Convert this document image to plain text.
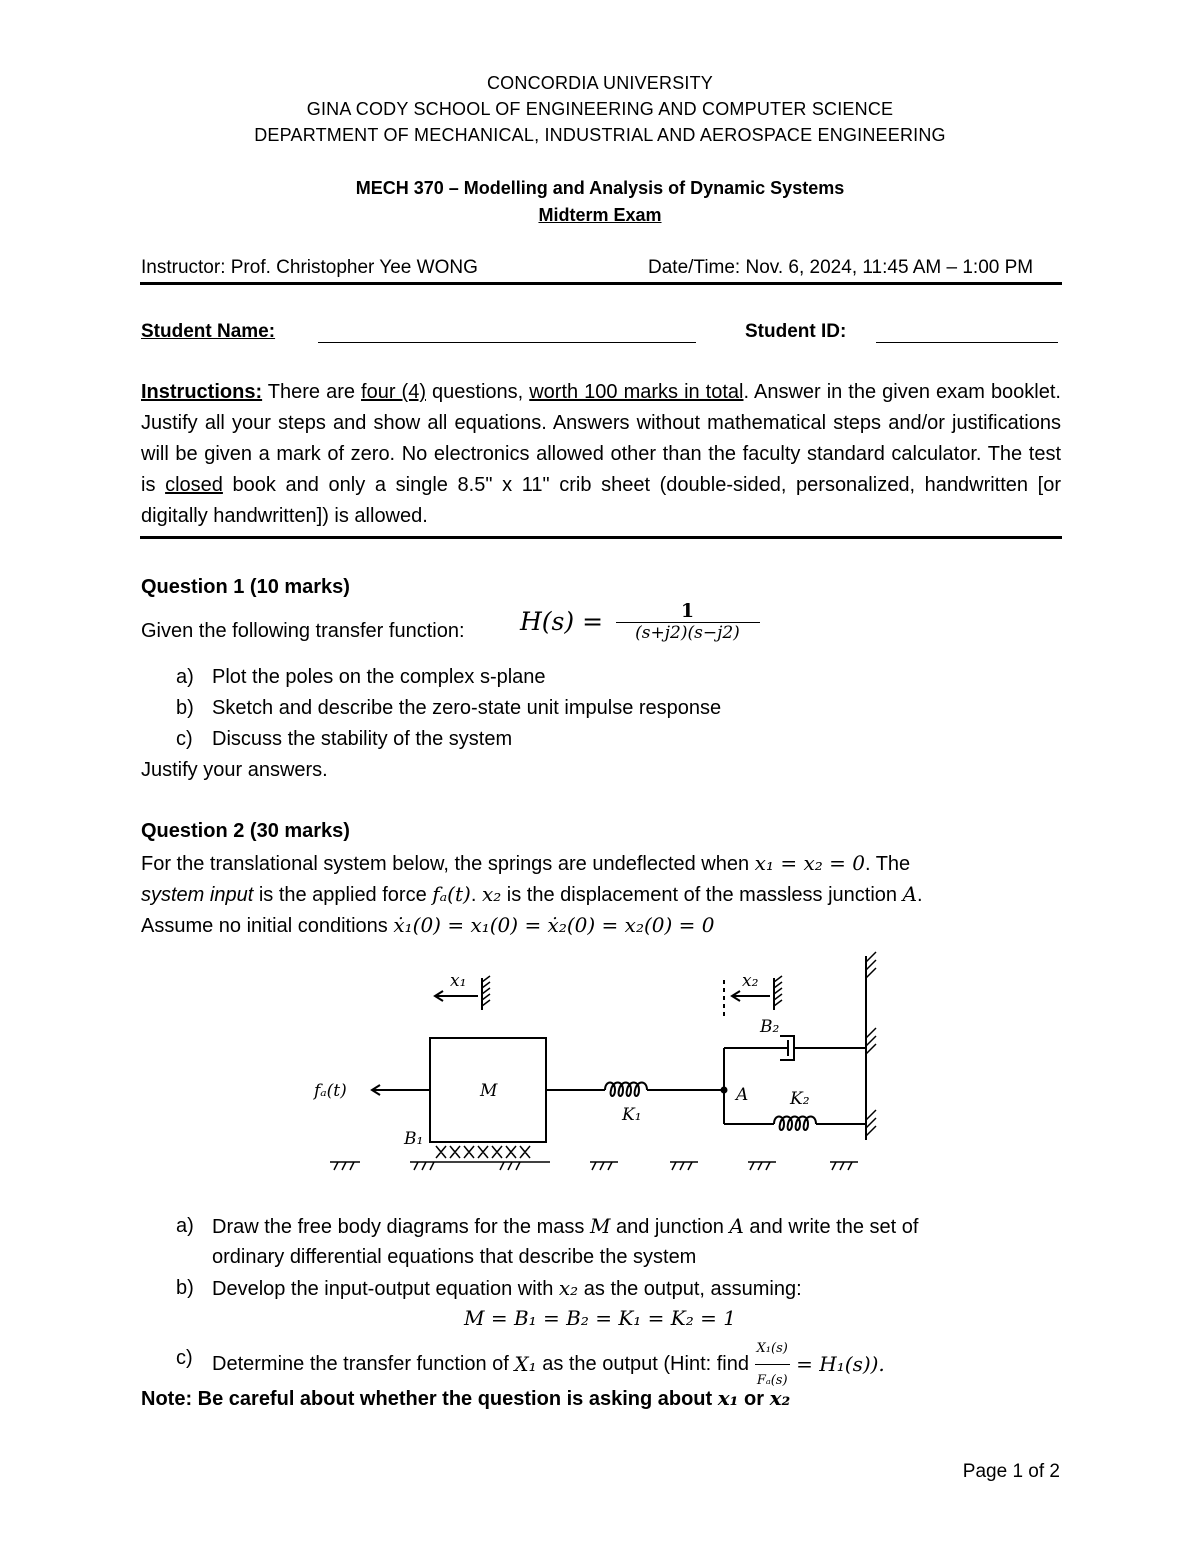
CONCORDIA UNIVERSITY
GINA CODY SCHOOL OF ENGINEERING AND COMPUTER SCIENCE
DEPARTMENT OF MECHANICAL, INDUSTRIAL AND AEROSPACE ENGINEERING
MECH 370 – Modelling and Analysis of Dynamic Systems
Midterm Exam
Instructor: Prof. Christopher Yee WONG	Date/Time: Nov. 6, 2024, 11:45 AM – 1:00 PM
Student Name:	Student ID:
Instructions: There are four (4) questions, worth 100 marks in total. Answer in the given exam booklet. Justify all your steps and show all equations. Answers without mathematical steps and/or justifications will be given a mark of zero. No electronics allowed other than the faculty standard calculator. The test is closed book and only a single 8.5" x 11" crib sheet (double-sided, personalized, handwritten [or digitally handwritten]) is allowed.
Question 1 (10 marks)
Given the following transfer function: $H(s) = \frac{1}{(s+j2)(s-j2)}$
a) Plot the poles on the complex s-plane
b) Sketch and describe the zero-state unit impulse response
c) Discuss the stability of the system
Justify your answers.
Question 2 (30 marks)
For the translational system below, the springs are undeflected when x₁ = x₂ = 0. The
system input is the applied force fₐ(t). x₂ is the displacement of the massless junction A.
Assume no initial conditions ẋ₁(0) = x₁(0) = ẋ₂(0) = x₂(0) = 0
x₁	x₂
M	A
B₁
B₂
K₁
K₂
fₐ(t)
a) Draw the free body diagrams for the mass M and junction A and write the set of
ordinary differential equations that describe the system
b) Develop the input-output equation with x₂ as the output, assuming:
M = B₁ = B₂ = K₁ = K₂ = 1
c) Determine the transfer function of X₁ as the output (Hint: find $\frac{\text{X₁(s)}}{\text{Fₐ(s)}} = H_1(s)$).
Note: Be careful about whether the question is asking about x₁ or x₂
Page 1 of 2
